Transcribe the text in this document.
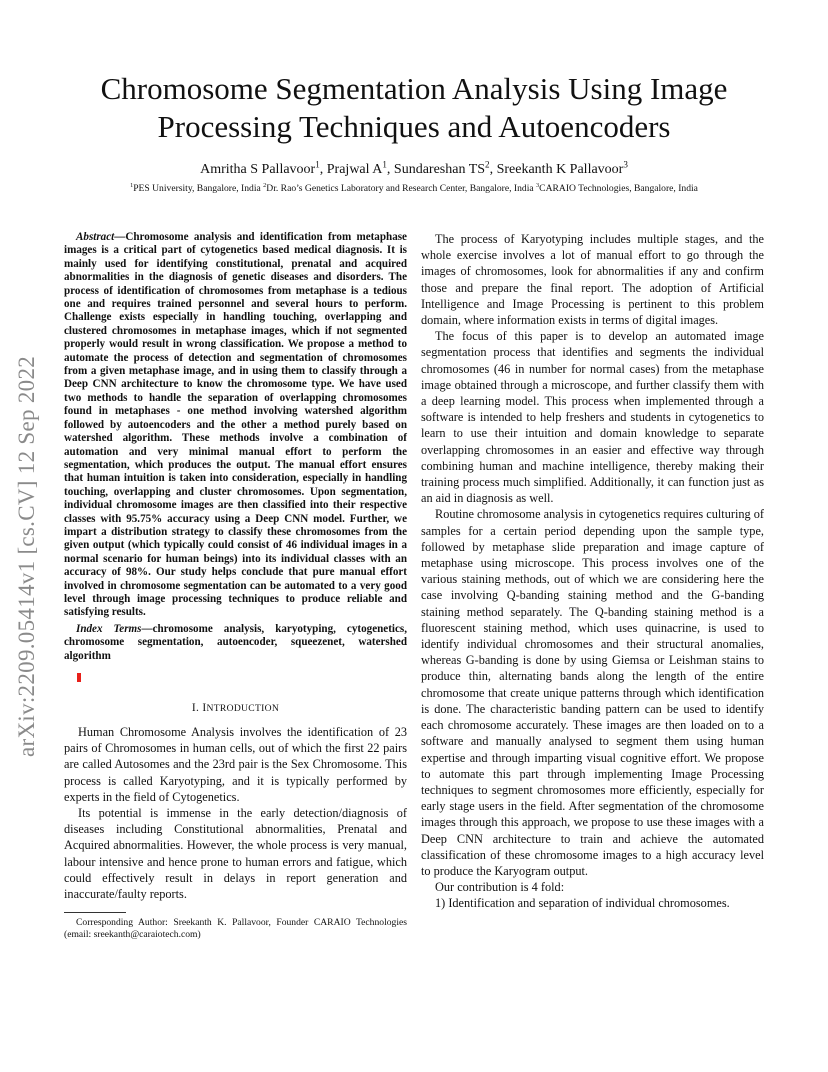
arXiv:2209.05414v1 [cs.CV] 12 Sep 2022
Chromosome Segmentation Analysis Using Image
Processing Techniques and Autoencoders
Amritha S Pallavoor$^1$, Prajwal $A^1$, Sundareshan $TS^2$, Sreekanth K Pallavoor$^3$
$^1$PES University, Bangalore, India $^2$Dr. Rao’s Genetics Laboratory and Research Center, Bangalore, India $^3$CARAIO Technologies, Bangalore, India

Abstract—Chromosome analysis and identification from metaphase images is a critical part of cytogenetics based medical diagnosis. It is mainly used for identifying constitutional, prenatal and acquired abnormalities in the diagnosis of genetic diseases and disorders. The process of identification of chromosomes from metaphase is a tedious one and requires trained personnel and several hours to perform. Challenge exists especially in handling touching, overlapping and clustered chromosomes in metaphase images, which if not segmented properly would result in wrong classification. We propose a method to automate the process of detection and segmentation of chromosomes from a given metaphase image, and in using them to classify through a Deep CNN architecture to know the chromosome type. We have used two methods to handle the separation of overlapping chromosomes found in metaphases - one method involving watershed algorithm followed by autoencoders and the other a method purely based on watershed algorithm. These methods involve a combination of automation and very minimal manual effort to perform the segmentation, which produces the output. The manual effort ensures that human intuition is taken into consideration, especially in handling touching, overlapping and cluster chromosomes. Upon segmentation, individual chromosome images are then classified into their respective classes with 95.75% accuracy using a Deep CNN model. Further, we impart a distribution strategy to classify these chromosomes from the given output (which typically could consist of 46 individual images in a normal scenario for human beings) into its individual classes with an accuracy of 98%. Our study helps conclude that pure manual effort involved in chromosome segmentation can be automated to a very good level through image processing techniques to produce reliable and satisfying results.

Index Terms—chromosome analysis, karyotyping, cytogenetics, chromosome segmentation, autoencoder, squeezenet, watershed algorithm

I. INTRODUCTION

Human Chromosome Analysis involves the identification of 23 pairs of Chromosomes in human cells, out of which the first 22 pairs are called Autosomes and the 23rd pair is the Sex Chromosome. This process is called Karyotyping, and it is typically performed by experts in the field of Cytogenetics.

Its potential is immense in the early detection/diagnosis of diseases including Constitutional abnormalities, Prenatal and Acquired abnormalities. However, the whole process is very manual, labour intensive and hence prone to human errors and fatigue, which could effectively result in delays in report generation and inaccurate/faulty reports.

Corresponding Author: Sreekanth K. Pallavoor, Founder CARAIO Technologies (email: sreekanth@caraiotech.com)

The process of Karyotyping includes multiple stages, and the whole exercise involves a lot of manual effort to go through the images of chromosomes, look for abnormalities if any and confirm those and prepare the final report. The adoption of Artificial Intelligence and Image Processing is pertinent to this problem domain, where information exists in terms of digital images.

The focus of this paper is to develop an automated image segmentation process that identifies and segments the individual chromosomes (46 in number for normal cases) from the metaphase image obtained through a microscope, and further classify them with a deep learning model. This process when implemented through a software is intended to help freshers and students in cytogenetics to learn to use their intuition and domain knowledge to separate overlapping chromosomes in an easier and effective way through combining human and machine intelligence, thereby making their training process much simplified. Additionally, it can function just as an aid in diagnosis as well.

Routine chromosome analysis in cytogenetics requires culturing of samples for a certain period depending upon the sample type, followed by metaphase slide preparation and image capture of metaphase using microscope. This process involves one of the various staining methods, out of which we are considering here the case involving Q-banding staining method and the G-banding staining method separately. The Q-banding staining method is a fluorescent staining method, which uses quinacrine, is used to identify individual chromosomes and their structural anomalies, whereas G-banding is done by using Giemsa or Leishman stains to produce thin, alternating bands along the length of the entire chromosome that create unique patterns through which identification is done. The characteristic banding pattern can be used to identify each chromosome accurately. These images are then loaded on to a software and manually analysed to segment them using human expertise and through imparting visual cognitive effort. We propose to automate this part through implementing Image Processing techniques to segment chromosomes more efficiently, especially for early stage users in the field. After segmentation of the chromosome images through this approach, we propose to use these images with a Deep CNN architecture to train and achieve the automated classification of these chromosome images to a high accuracy level to produce the Karyogram output.

Our contribution is 4 fold:

1) Identification and separation of individual chromosomes.
